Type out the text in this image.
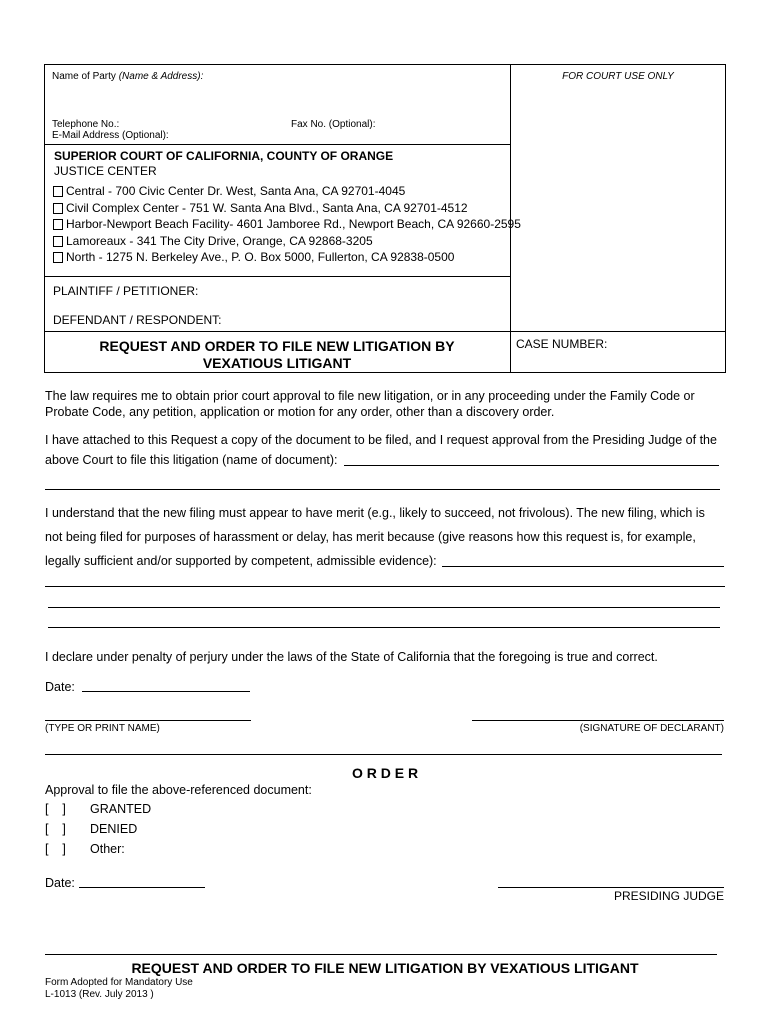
Name of Party (Name & Address):	FOR COURT USE ONLY
Telephone No.:	Fax No. (Optional):
E-Mail Address (Optional):
SUPERIOR COURT OF CALIFORNIA, COUNTY OF ORANGE
JUSTICE CENTER
Central - 700 Civic Center Dr. West, Santa Ana, CA 92701-4045
Civil Complex Center - 751 W. Santa Ana Blvd., Santa Ana, CA 92701-4512
Harbor-Newport Beach Facility- 4601 Jamboree Rd., Newport Beach, CA 92660-2595
Lamoreaux - 341 The City Drive, Orange, CA 92868-3205
North - 1275 N. Berkeley Ave., P. O. Box 5000, Fullerton, CA 92838-0500
PLAINTIFF / PETITIONER:
DEFENDANT / RESPONDENT:
REQUEST AND ORDER TO FILE NEW LITIGATION BY
VEXATIOUS LITIGANT
CASE NUMBER:
The law requires me to obtain prior court approval to file new litigation, or in any proceeding under the Family Code or Probate Code, any petition, application or motion for any order, other than a discovery order.
I have attached to this Request a copy of the document to be filed, and I request approval from the Presiding Judge of the
above Court to file this litigation (name of document):
I understand that the new filing must appear to have merit (e.g., likely to succeed, not frivolous). The new filing, which is
not being filed for purposes of harassment or delay, has merit because (give reasons how this request is, for example,
legally sufficient and/or supported by competent, admissible evidence):
I declare under penalty of perjury under the laws of the State of California that the foregoing is true and correct.
Date:
(TYPE OR PRINT NAME)	(SIGNATURE OF DECLARANT)
O R D E R
Approval to file the above-referenced document:
[    ] GRANTED
[    ] DENIED
[    ] Other:
Date:
PRESIDING JUDGE
REQUEST AND ORDER TO FILE NEW LITIGATION BY VEXATIOUS LITIGANT
Form Adopted for Mandatory Use
L-1013 (Rev. July 2013 )
